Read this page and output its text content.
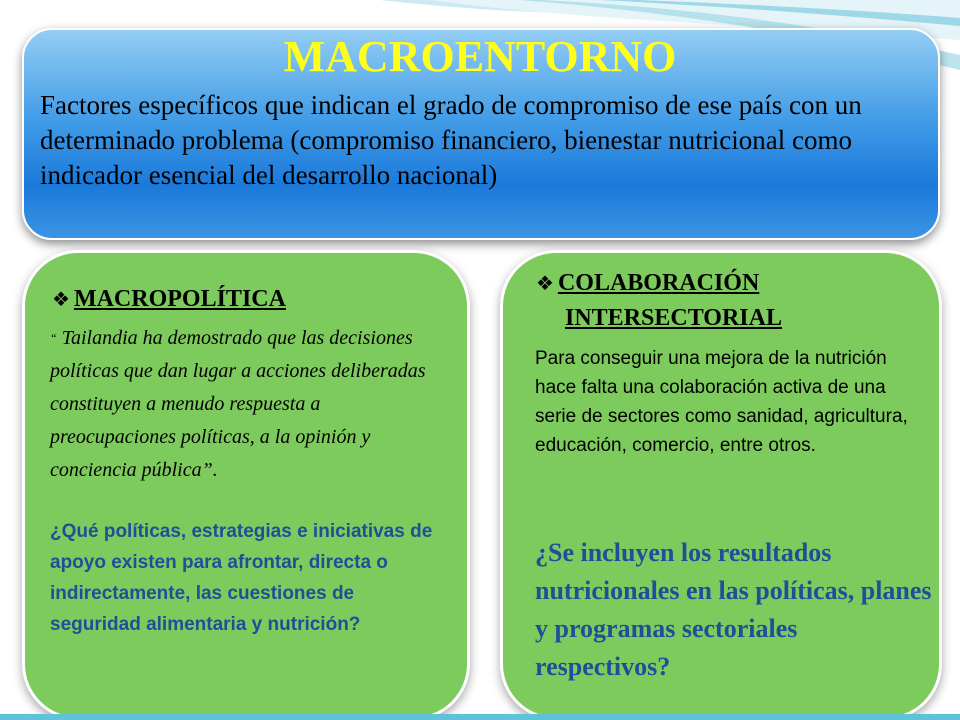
MACROENTORNO

Factores específicos que indican el grado de compromiso de ese país con un determinado problema (compromiso financiero, bienestar nutricional como indicador esencial del desarrollo nacional)

❖ MACROPOLÍTICA

“ Tailandia ha demostrado que las decisiones políticas que dan lugar a acciones deliberadas constituyen a menudo respuesta a preocupaciones políticas, a la opinión y conciencia pública”.

¿Qué políticas, estrategias e iniciativas de apoyo existen para afrontar, directa o indirectamente, las cuestiones de seguridad alimentaria y nutrición?

❖ COLABORACIÓN
INTERSECTORIAL

Para conseguir una mejora de la nutrición hace falta una colaboración activa de una serie de sectores como sanidad, agricultura, educación, comercio, entre otros.

¿Se incluyen los resultados nutricionales en las políticas, planes y programas sectoriales respectivos?
